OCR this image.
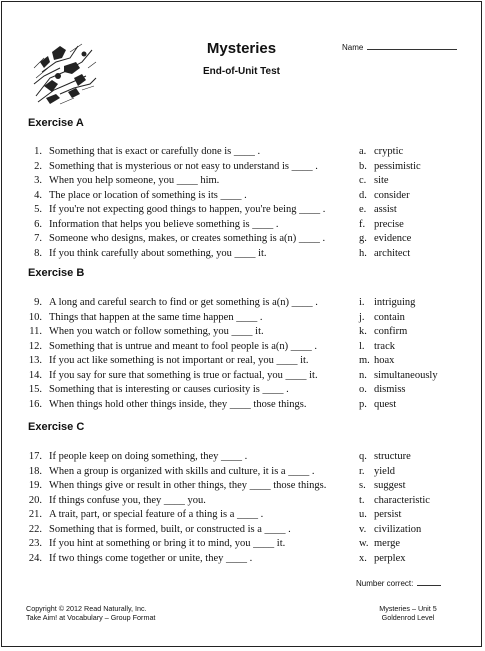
Mysteries
End-of-Unit Test
Name
Exercise A
1. Something that is exact or carefully done is ____ .	a. cryptic
2. Something that is mysterious or not easy to understand is ____ .	b. pessimistic
3. When you help someone, you ____ him.	c. site
4. The place or location of something is its ____ .	d. consider
5. If you're not expecting good things to happen, you're being ____ .	e. assist
6. Information that helps you believe something is ____ .	f. precise
7. Someone who designs, makes, or creates something is a(n) ____ .	g. evidence
8. If you think carefully about something, you ____ it.	h. architect
Exercise B
9. A long and careful search to find or get something is a(n) ____ .	i. intriguing
10. Things that happen at the same time happen ____ .	j. contain
11. When you watch or follow something, you ____ it.	k. confirm
12. Something that is untrue and meant to fool people is a(n) ____ .	l. track
13. If you act like something is not important or real, you ____ it.	m. hoax
14. If you say for sure that something is true or factual, you ____ it.	n. simultaneously
15. Something that is interesting or causes curiosity is ____ .	o. dismiss
16. When things hold other things inside, they ____ those things.	p. quest
Exercise C
17. If people keep on doing something, they ____ .	q. structure
18. When a group is organized with skills and culture, it is a ____ .	r. yield
19. When things give or result in other things, they ____ those things.	s. suggest
20. If things confuse you, they ____ you.	t. characteristic
21. A trait, part, or special feature of a thing is a ____ .	u. persist
22. Something that is formed, built, or constructed is a ____ .	v. civilization
23. If you hint at something or bring it to mind, you ____ it.	w. merge
24. If two things come together or unite, they ____ .	x. perplex
Number correct:
Copyright © 2012 Read Naturally, Inc.
Take Aim! at Vocabulary – Group Format
Mysteries – Unit 5
Goldenrod Level
